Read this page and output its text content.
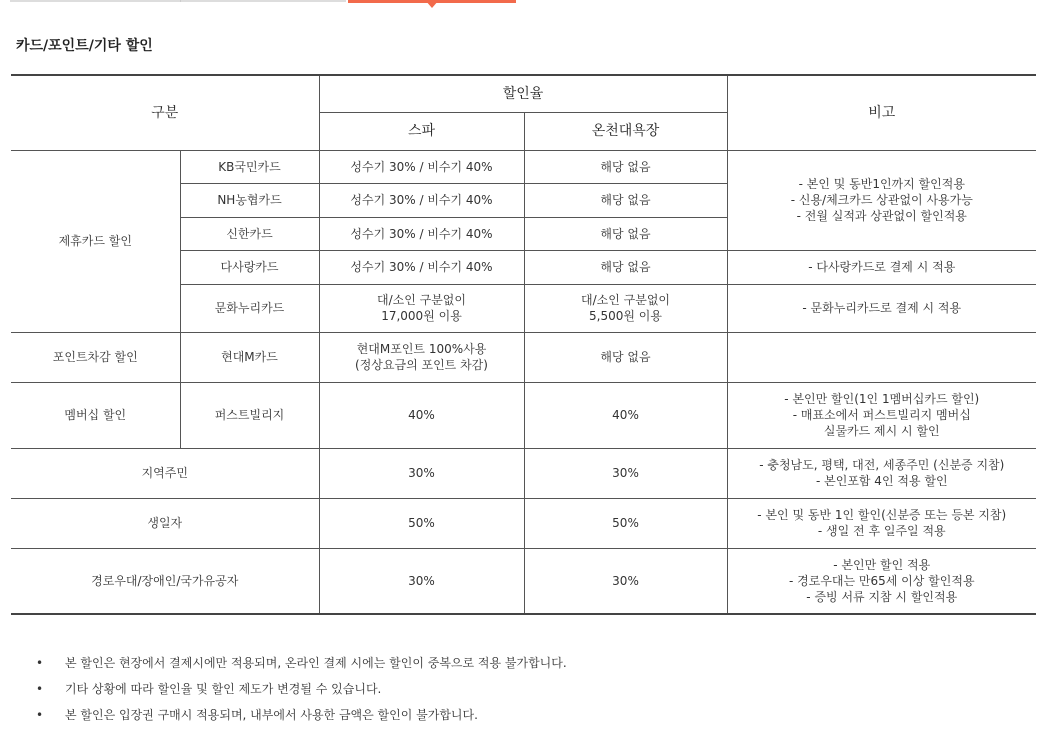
카드/포인트/기타 할인
구분		할인율		비고
		스파	온천대욕장	
제휴카드 할인	KB국민카드	성수기 30% / 비수기 40%	해당 없음	- 본인 및 동반1인까지 할인적용
- 신용/체크카드 상관없이 사용가능
- 전월 실적과 상관없이 할인적용

	NH농협카드	성수기 30% / 비수기 40%	해당 없음	
	신한카드	성수기 30% / 비수기 40%	해당 없음	
	다사랑카드	성수기 30% / 비수기 40%	해당 없음	- 다사랑카드로 결제 시 적용
	문화누리카드	대/소인 구분없이
17,000원 이용	대/소인 구분없이
5,500원 이용	- 문화누리카드로 결제 시 적용
포인트차감 할인	현대M카드	현대M포인트 100%사용
(정상요금의 포인트 차감)	해당 없음	
멤버십 할인	퍼스트빌리지	40%	40%	- 본인만 할인(1인 1멤버십카드 할인)
- 매표소에서 퍼스트빌리지 멤버십
실물카드 제시 시 할인

지역주민		30%	30%	- 충청남도, 평택, 대전, 세종주민 (신분증 지참)
- 본인포함 4인 적용 할인

생일자		50%	50%	- 본인 및 동반 1인 할인(신분증 또는 등본 지참)
- 생일 전 후 일주일 적용

경로우대/장애인/국가유공자		30%	30%	- 본인만 할인 적용
- 경로우대는 만65세 이상 할인적용
- 증빙 서류 지참 시 할인적용
• 본 할인은 현장에서 결제시에만 적용되며, 온라인 결제 시에는 할인이 중복으로 적용 불가합니다.
• 기타 상황에 따라 할인율 및 할인 제도가 변경될 수 있습니다.
• 본 할인은 입장권 구매시 적용되며, 내부에서 사용한 금액은 할인이 불가합니다.
